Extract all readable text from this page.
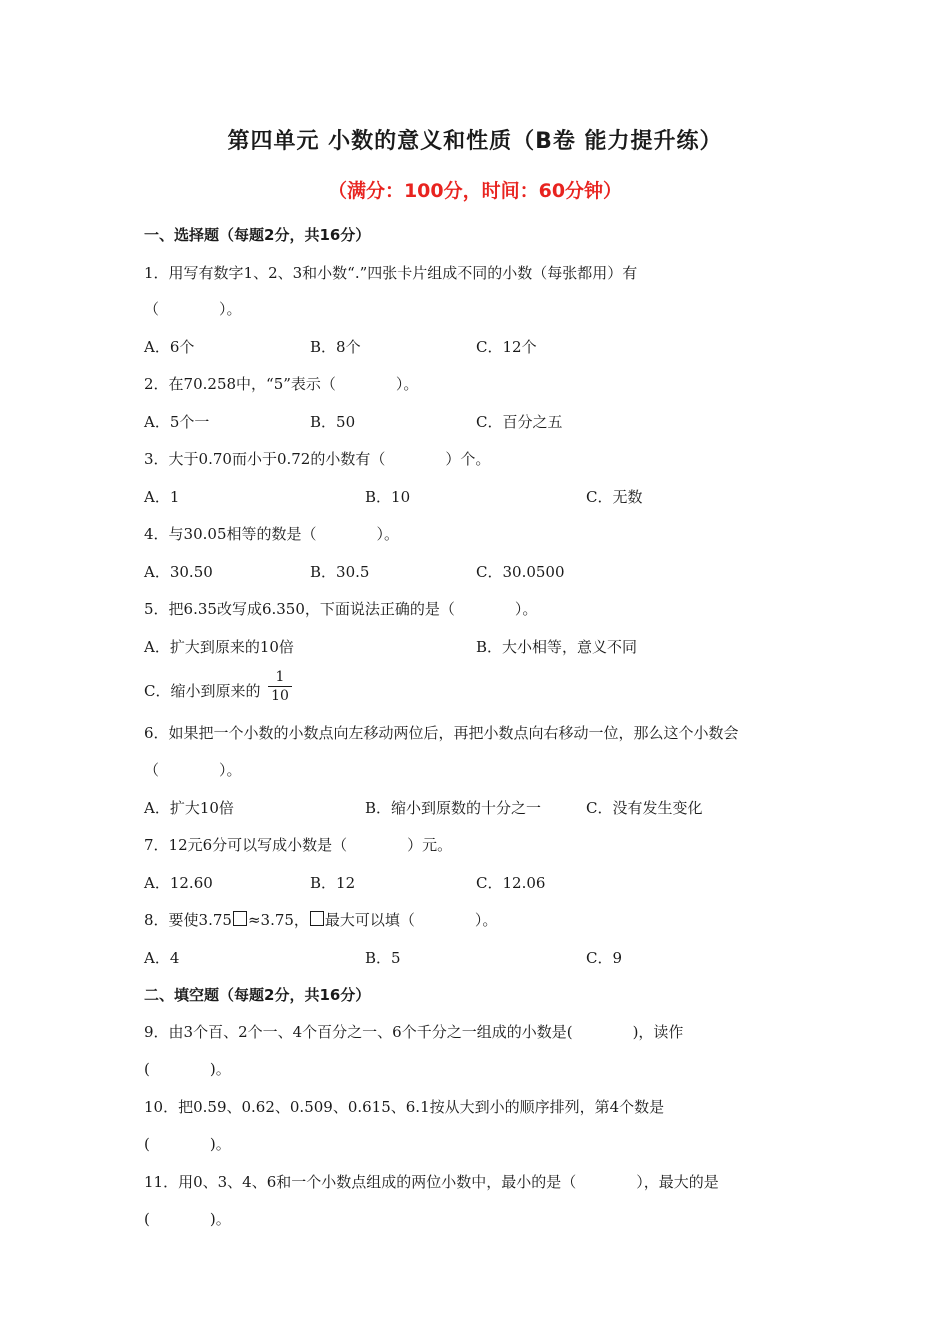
第四单元 小数的意义和性质（B卷 能力提升练）
（满分：100分，时间：60分钟）
一、选择题（每题2分，共16分）
1．用写有数字1、2、3和小数“.”四张卡片组成不同的小数（每张都用）有
（　　　　）。
A．6个	B．8个	C．12个
2．在70.258中，“5”表示（　　　　）。
A．5个一	B．50	C．百分之五
3．大于0.70而小于0.72的小数有（　　　　）个。
A．1	B．10	C．无数
4．与30.05相等的数是（　　　　）。
A．30.50	B．30.5	C．30.0500
5．把6.35改写成6.350，下面说法正确的是（　　　　）。
A．扩大到原来的10倍	B．大小相等，意义不同
C．缩小到原来的
1
10
6．如果把一个小数的小数点向左移动两位后，再把小数点向右移动一位，那么这个小数会
（　　　　）。
A．扩大10倍	B．缩小到原数的十分之一	C．没有发生变化
7．12元6分可以写成小数是（　　　　）元。
A．12.60	B．12	C．12.06
8．要使3.75 ≈3.75， 最大可以填（　　　　）。
A．4	B．5	C．9
二、填空题（每题2分，共16分）
9．由3个百、2个一、4个百分之一、6个千分之一组成的小数是(　　　　)，读作
(　　　　)。
10．把0.59、0.62、0.509、0.615、6.1按从大到小的顺序排列，第4个数是
(　　　　)。
11．用0、3、4、6和一个小数点组成的两位小数中，最小的是（　　　　），最大的是
(　　　　)。
